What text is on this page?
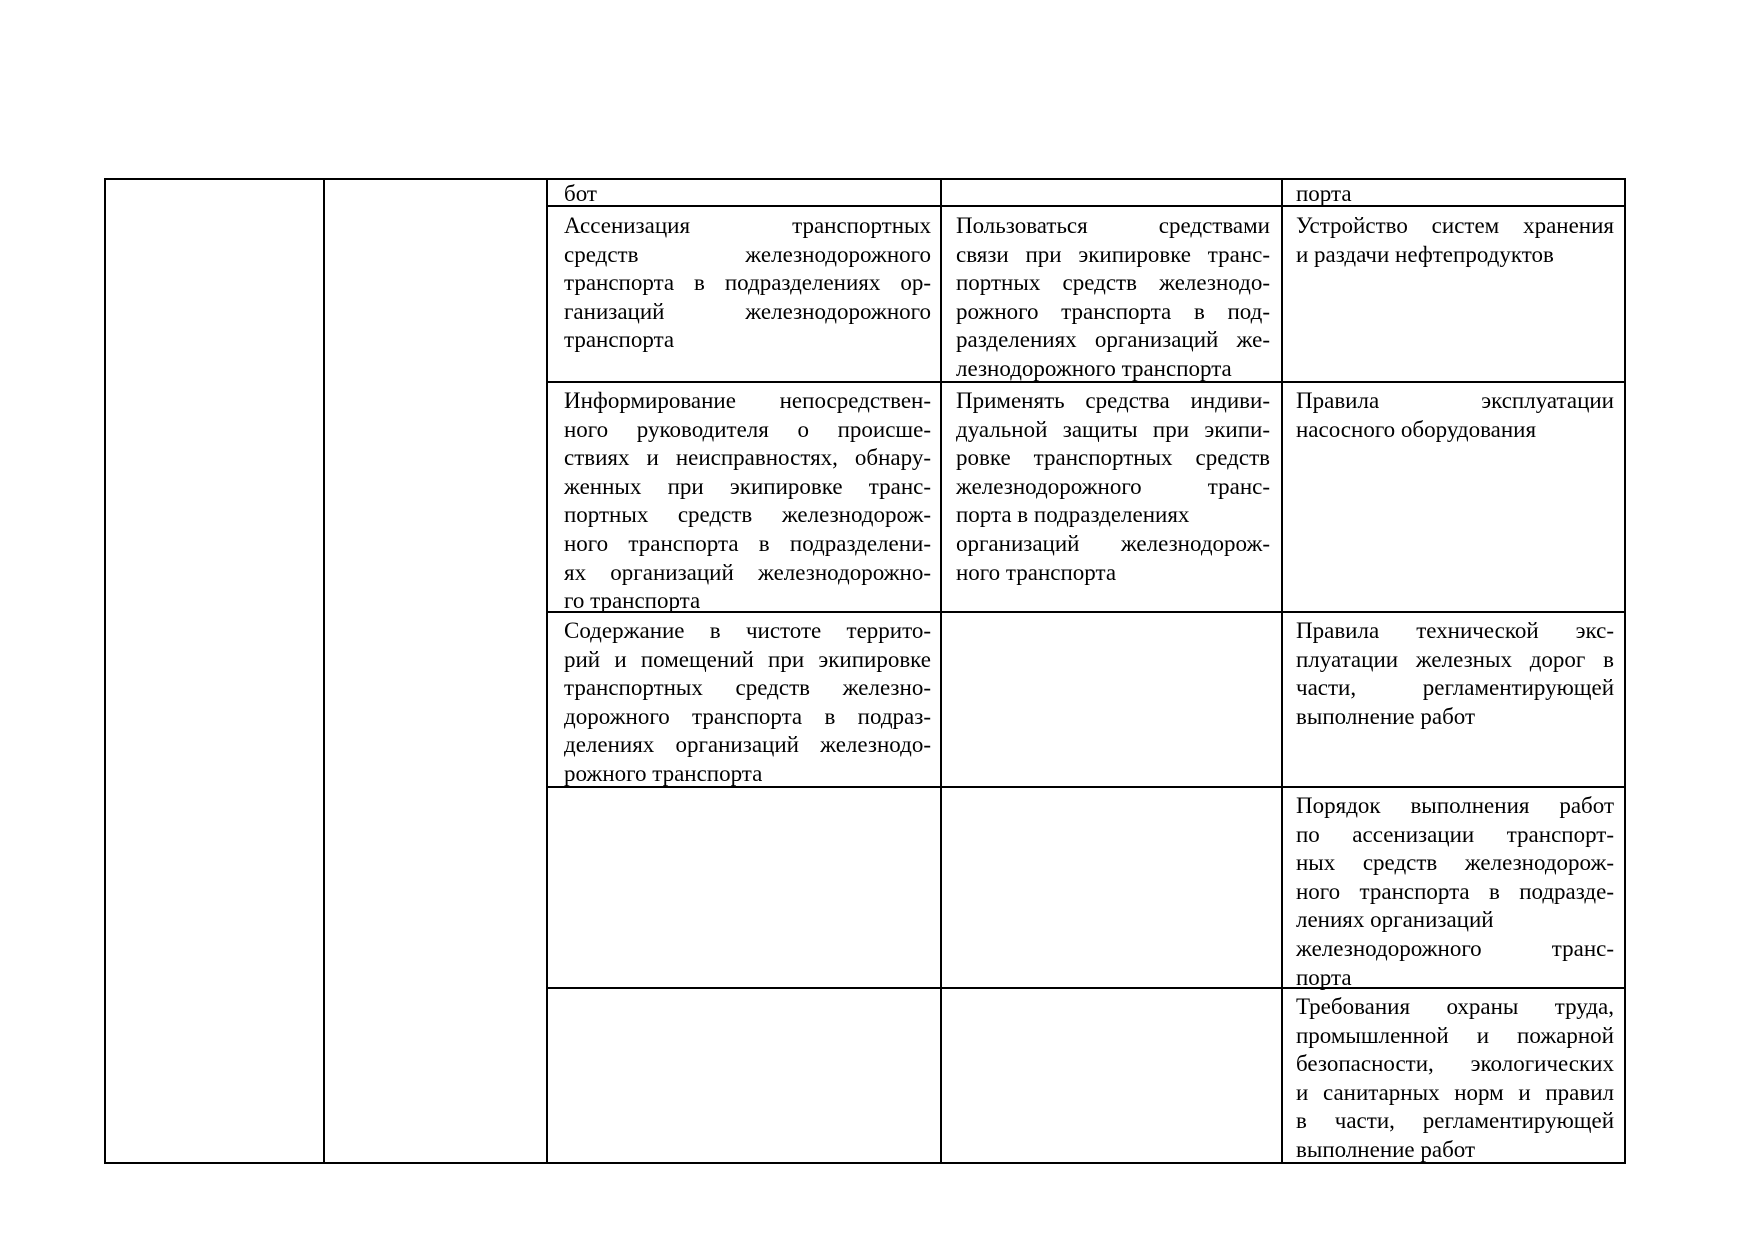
бот	порта
Ассенизация транспортных
средств железнодорожного
транспорта в подразделениях ор-
ганизаций железнодорожного
транспорта
Пользоваться средствами
связи при экипировке транс-
портных средств железнодо-
рожного транспорта в под-
разделениях организаций же-
лезнодорожного транспорта
Устройство систем хранения
и раздачи нефтепродуктов
Информирование непосредствен-
ного руководителя о происше-
ствиях и неисправностях, обнару-
женных при экипировке транс-
портных средств железнодорож-
ного транспорта в подразделени-
ях организаций железнодорожно-
го транспорта
Применять средства индиви-
дуальной защиты при экипи-
ровке транспортных средств
железнодорожного транс-
порта в подразделениях
организаций железнодорож-
ного транспорта
Правила эксплуатации
насосного оборудования
Содержание в чистоте террито-
рий и помещений при экипировке
транспортных средств железно-
дорожного транспорта в подраз-
делениях организаций железнодо-
рожного транспорта
Правила технической экс-
плуатации железных дорог в
части, регламентирующей
выполнение работ
Порядок выполнения работ
по ассенизации транспорт-
ных средств железнодорож-
ного транспорта в подразде-
лениях организаций
железнодорожного транс-
порта
Требования охраны труда,
промышленной и пожарной
безопасности, экологических
и санитарных норм и правил
в части, регламентирующей
выполнение работ
